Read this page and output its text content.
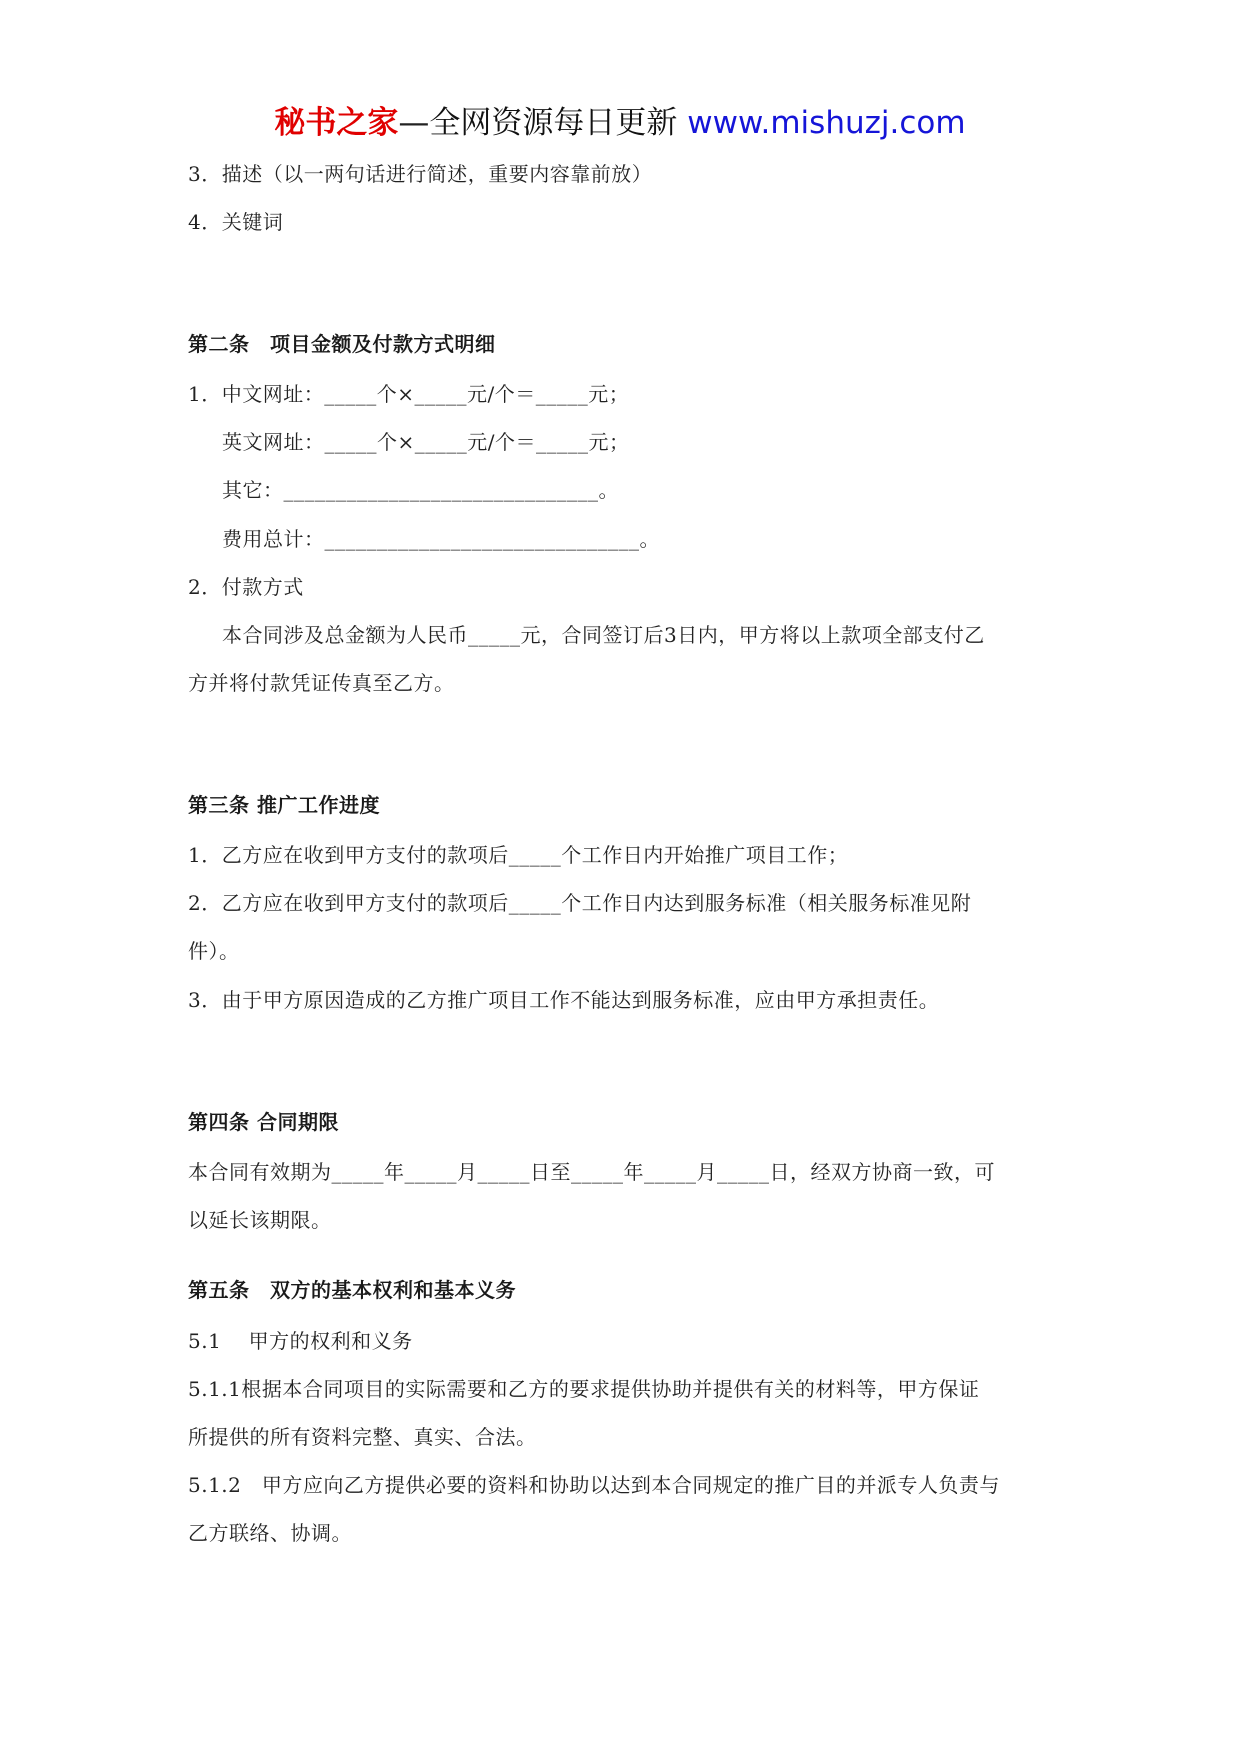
秘书之家—全网资源每日更新 www.mishuzj.com
3．描述（以一两句话进行简述，重要内容靠前放）
4．关键词
第二条　项目金额及付款方式明细
1．中文网址：_____个×_____元/个＝_____元；
英文网址：_____个×_____元/个＝_____元；
其它：______________________________。
费用总计：______________________________。
2．付款方式
本合同涉及总金额为人民币_____元，合同签订后3日内，甲方将以上款项全部支付乙
方并将付款凭证传真至乙方。
第三条 推广工作进度
1．乙方应在收到甲方支付的款项后_____个工作日内开始推广项目工作；
2．乙方应在收到甲方支付的款项后_____个工作日内达到服务标准（相关服务标准见附
件）。
3．由于甲方原因造成的乙方推广项目工作不能达到服务标准，应由甲方承担责任。
第四条 合同期限
本合同有效期为_____年_____月_____日至_____年_____月_____日，经双方协商一致，可
以延长该期限。
第五条　双方的基本权利和基本义务
5.1　 甲方的权利和义务
5.1.1根据本合同项目的实际需要和乙方的要求提供协助并提供有关的材料等，甲方保证
所提供的所有资料完整、真实、合法。
5.1.2　甲方应向乙方提供必要的资料和协助以达到本合同规定的推广目的并派专人负责与
乙方联络、协调。
